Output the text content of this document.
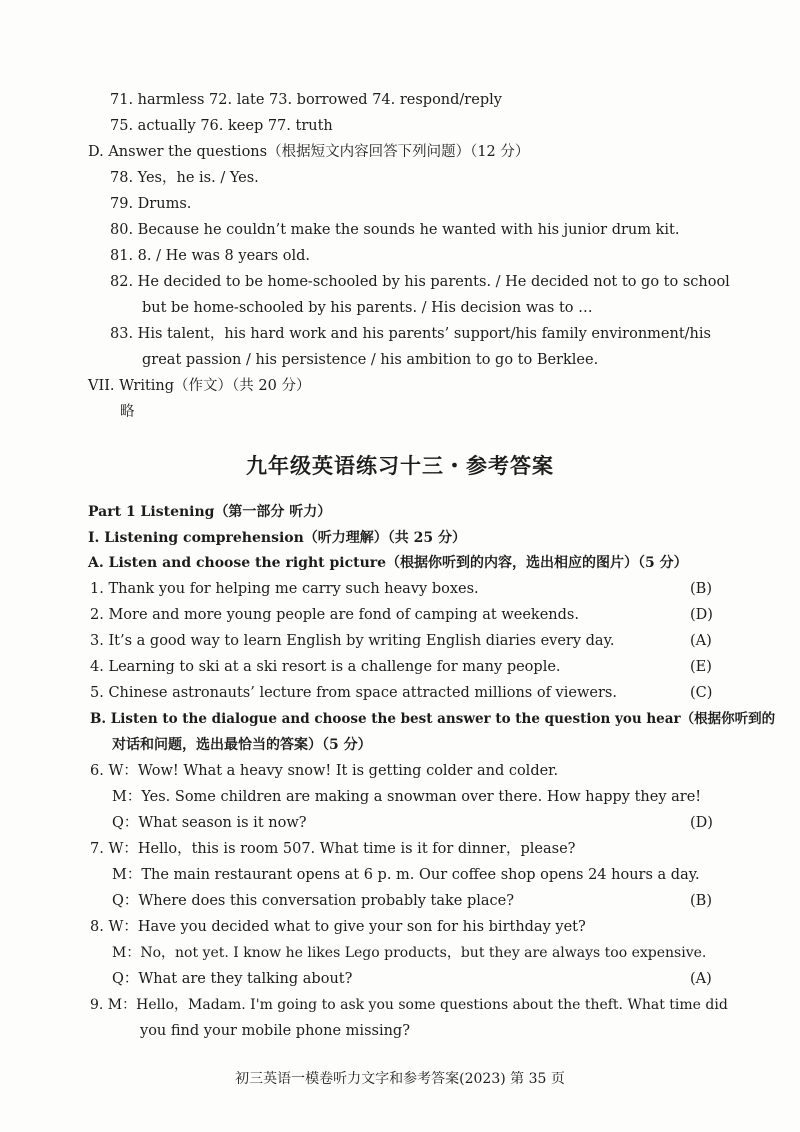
71. harmless 72. late 73. borrowed 74. respond/reply
75. actually 76. keep 77. truth
D. Answer the questions（根据短文内容回答下列问题）（12 分）
78. Yes，he is. / Yes.
79. Drums.
80. Because he couldn’t make the sounds he wanted with his junior drum kit.
81. 8. / He was 8 years old.
82. He decided to be home-schooled by his parents. / He decided not to go to school
but be home-schooled by his parents. / His decision was to …
83. His talent，his hard work and his parents’ support/his family environment/his
great passion / his persistence / his ambition to go to Berklee.
VII. Writing（作文）（共 20 分）
略
九年级英语练习十三・参考答案
Part 1 Listening（第一部分 听力）
I. Listening comprehension（听力理解）（共 25 分）
A. Listen and choose the right picture（根据你听到的内容，选出相应的图片）（5 分）
1. Thank you for helping me carry such heavy boxes.	(B)
2. More and more young people are fond of camping at weekends.	(D)
3. It’s a good way to learn English by writing English diaries every day.	(A)
4. Learning to ski at a ski resort is a challenge for many people.	(E)
5. Chinese astronauts’ lecture from space attracted millions of viewers.	(C)
B. Listen to the dialogue and choose the best answer to the question you hear（根据你听到的
对话和问题，选出最恰当的答案）（5 分）
6. W：Wow! What a heavy snow! It is getting colder and colder.
M：Yes. Some children are making a snowman over there. How happy they are!
Q：What season is it now?	(D)
7. W：Hello，this is room 507. What time is it for dinner，please?
M：The main restaurant opens at 6 p. m. Our coffee shop opens 24 hours a day.
Q：Where does this conversation probably take place?	(B)
8. W：Have you decided what to give your son for his birthday yet?
M：No，not yet. I know he likes Lego products，but they are always too expensive.
Q：What are they talking about?	(A)
9. M：Hello，Madam. I'm going to ask you some questions about the theft. What time did
you find your mobile phone missing?
初三英语一模卷听力文字和参考答案(2023) 第 35 页
